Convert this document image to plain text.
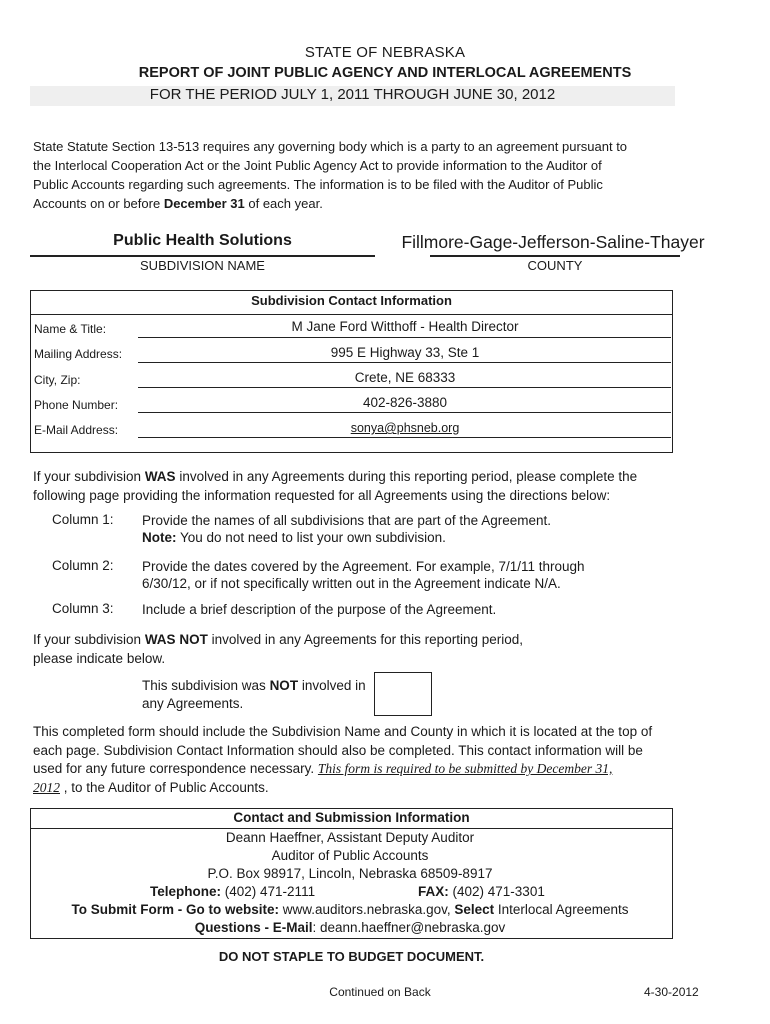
STATE OF NEBRASKA
REPORT OF JOINT PUBLIC AGENCY AND INTERLOCAL AGREEMENTS
FOR THE PERIOD JULY 1, 2011 THROUGH JUNE 30, 2012
State Statute Section 13-513 requires any governing body which is a party to an agreement pursuant to
the Interlocal Cooperation Act or the Joint Public Agency Act to provide information to the Auditor of
Public Accounts regarding such agreements. The information is to be filed with the Auditor of Public
Accounts on or before December 31 of each year.
Public Health Solutions
SUBDIVISION NAME
Fillmore-Gage-Jefferson-Saline-Thayer
COUNTY
Subdivision Contact Information
Name & Title:	M Jane Ford Witthoff - Health Director
Mailing Address:	995 E Highway 33, Ste 1
City, Zip:	Crete, NE 68333
Phone Number:	402-826-3880
E-Mail Address:	sonya@phsneb.org
If your subdivision WAS involved in any Agreements during this reporting period, please complete the
following page providing the information requested for all Agreements using the directions below:
Column 1: Provide the names of all subdivisions that are part of the Agreement.
Note: You do not need to list your own subdivision.
Column 2: Provide the dates covered by the Agreement. For example, 7/1/11 through
6/30/12, or if not specifically written out in the Agreement indicate N/A.
Column 3: Include a brief description of the purpose of the Agreement.
If your subdivision WAS NOT involved in any Agreements for this reporting period,
please indicate below.
This subdivision was NOT involved in
any Agreements.
This completed form should include the Subdivision Name and County in which it is located at the top of
each page. Subdivision Contact Information should also be completed. This contact information will be
used for any future correspondence necessary. This form is required to be submitted by December 31,
2012 , to the Auditor of Public Accounts.
Contact and Submission Information
Deann Haeffner, Assistant Deputy Auditor
Auditor of Public Accounts
P.O. Box 98917, Lincoln, Nebraska 68509-8917
Telephone: (402) 471-2111	FAX: (402) 471-3301
To Submit Form - Go to website: www.auditors.nebraska.gov, Select Interlocal Agreements
Questions - E-Mail: deann.haeffner@nebraska.gov
DO NOT STAPLE TO BUDGET DOCUMENT.
Continued on Back	4-30-2012
